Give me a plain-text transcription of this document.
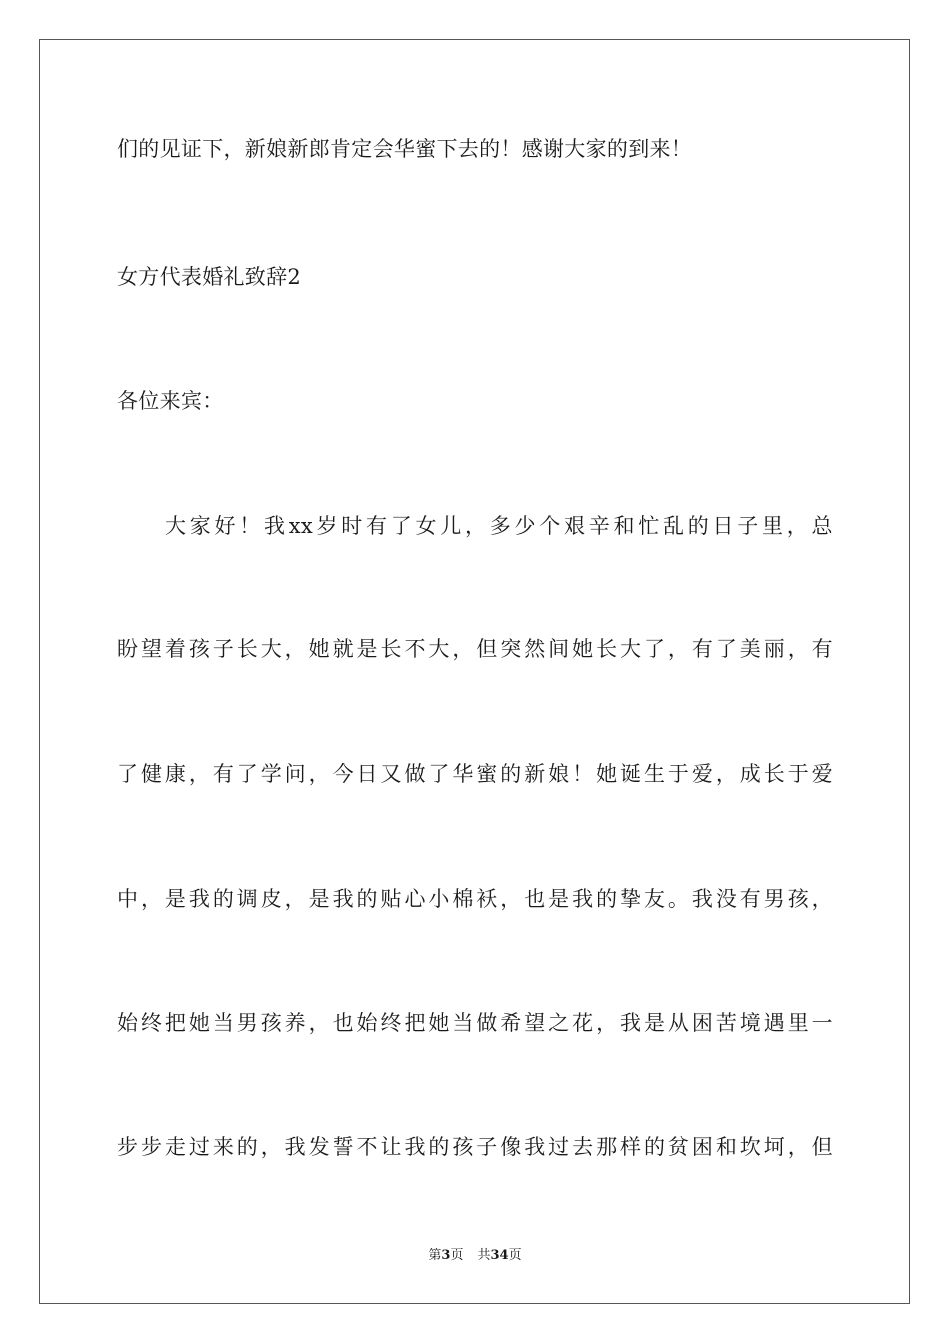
们的见证下，新娘新郎肯定会华蜜下去的！感谢大家的到来！
女方代表婚礼致辞2
各位来宾：
大 家 好 ！ 我 xx 岁 时 有 了 女 儿 ， 多 少 个 艰 辛 和 忙 乱 的 日 子 里 ， 总
盼 望 着 孩 子 长 大 ， 她 就 是 长 不 大 ， 但 突 然 间 她 长 大 了 ， 有 了 美 丽 ， 有
了 健 康 ， 有 了 学 问 ， 今 日 又 做 了 华 蜜 的 新 娘 ！ 她 诞 生 于 爱 ， 成 长 于 爱
中 ， 是 我 的 调 皮 ， 是 我 的 贴 心 小 棉 袄 ， 也 是 我 的 挚 友 。 我 没 有 男 孩 ，
始 终 把 她 当 男 孩 养 ， 也 始 终 把 她 当 做 希 望 之 花 ， 我 是 从 困 苦 境 遇 里 一
步 步 走 过 来 的 ， 我 发 誓 不 让 我 的 孩 子 像 我 过 去 那 样 的 贫 困 和 坎 坷 ， 但
第3页 共34页
